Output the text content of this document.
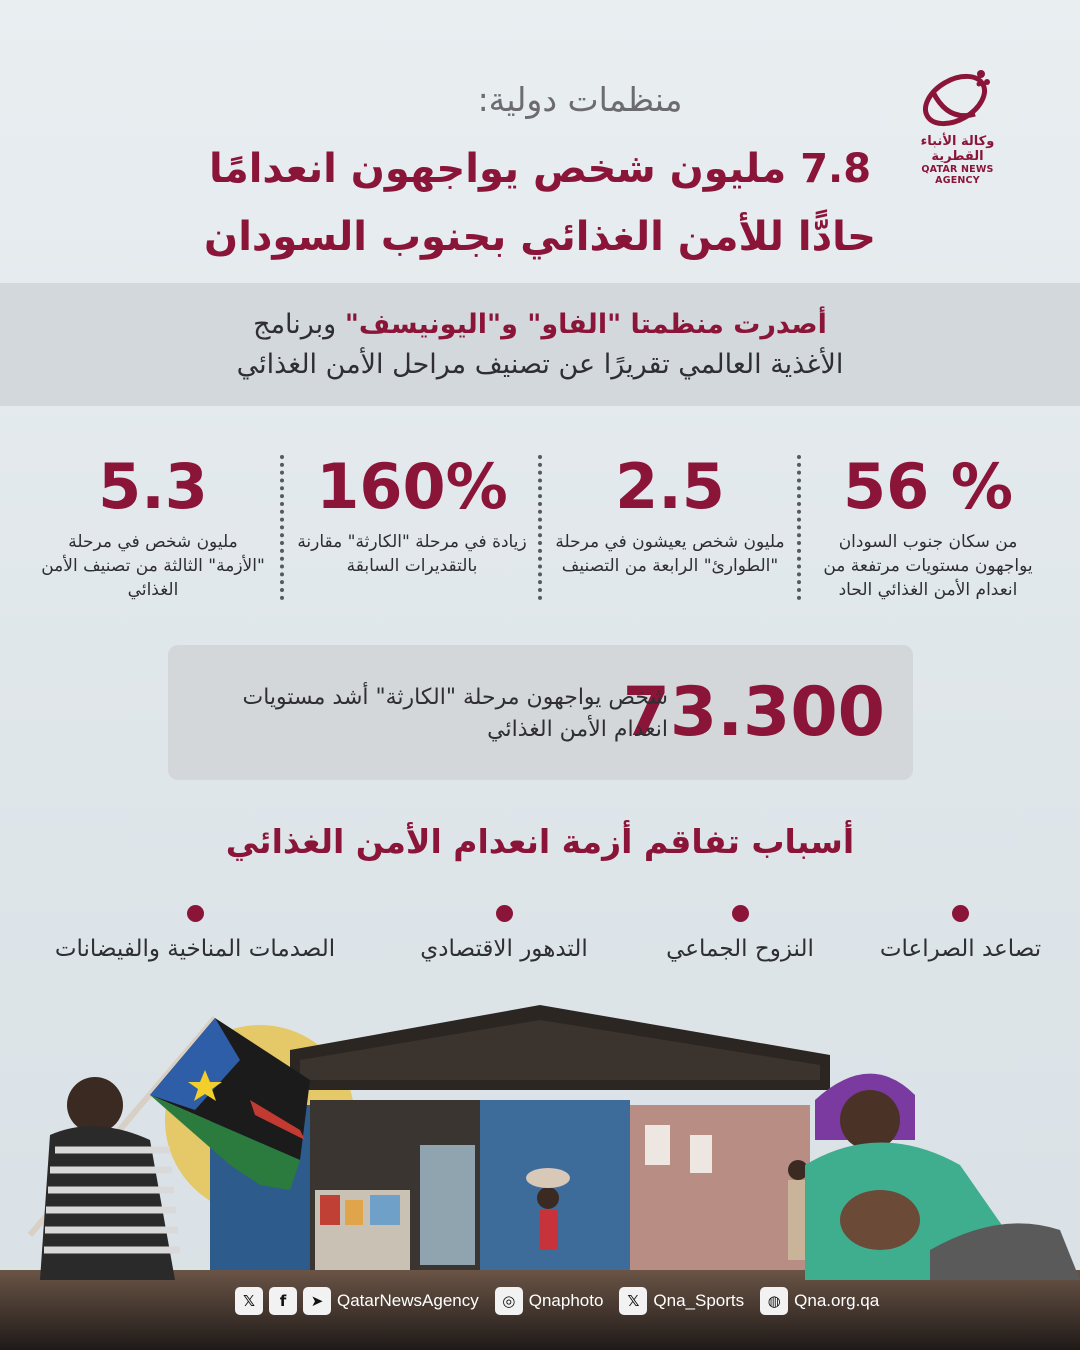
وكالة الأنباء القطرية
QATAR NEWS AGENCY
منظمات دولية:
7.8 مليون شخص يواجهون انعدامًا
حادًّا للأمن الغذائي بجنوب السودان
أصدرت منظمتا "الفاو" و"اليونيسف" وبرنامج
الأغذية العالمي تقريرًا عن تصنيف مراحل الأمن الغذائي
56 %
من سكان جنوب السودان يواجهون مستويات مرتفعة من انعدام الأمن الغذائي الحاد
2.5
مليون شخص يعيشون في مرحلة "الطوارئ" الرابعة من التصنيف
160%
زيادة في مرحلة "الكارثة" مقارنة بالتقديرات السابقة
5.3
مليون شخص في مرحلة "الأزمة" الثالثة من تصنيف الأمن الغذائي
73.300
شخص يواجهون مرحلة "الكارثة" أشد مستويات انعدام الأمن الغذائي
أسباب تفاقم أزمة انعدام الأمن الغذائي
تصاعد الصراعات
النزوح الجماعي
التدهور الاقتصادي
الصدمات المناخية والفيضانات
𝕏	f	➤ QatarNewsAgency	◎ Qnaphoto	𝕏 Qna_Sports	◍ Qna.org.qa
